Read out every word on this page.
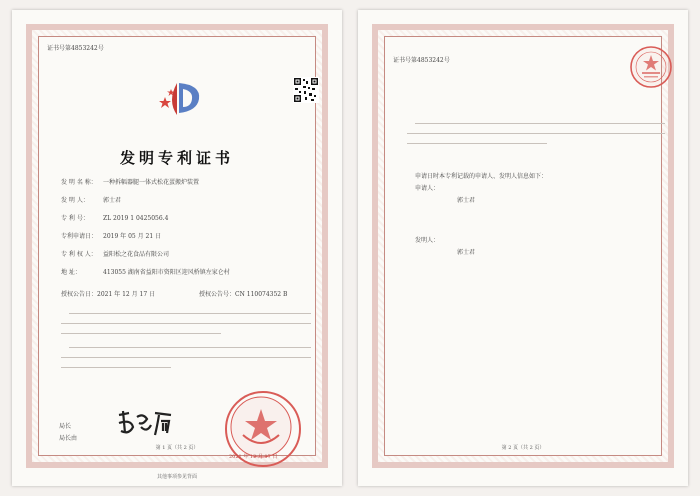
证书号第4853242号
发明专利证书
发 明 名 称： 一种拆幅器腿一体式松花蛋搬炉装置
发 明 人： 郭士君
专 利 号： ZL 2019 1 0425056.4
专利申请日： 2019 年 05 月 21 日
专 利 权 人： 益阳松之花食品有限公司
地 址：	413055 湖南省益阳市资阳区迎风桥镇左家仑村
授权公告日：2021 年 12 月 17 日	授权公告号：CN 110074352 B
局长
局长由
2021 年 12 月 17 日
第 1 页（共 2 页）
其他事项参见背面
证书号第4853242号
申请日时本专利记载的申请人、发明人信息如下：
申请人：
郭士君
发明人：
郭士君
第 2 页（共 2 页）
